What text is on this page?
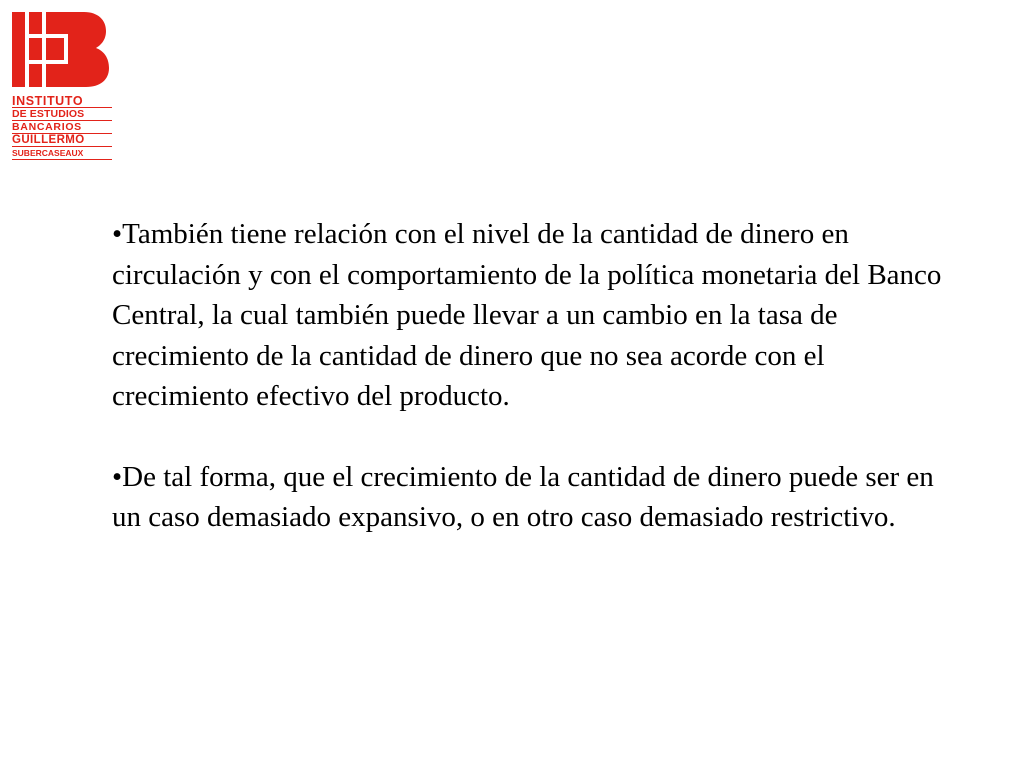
INSTITUTO
DE ESTUDIOS
BANCARIOS
GUILLERMO
SUBERCASEAUX

•También tiene relación con el nivel de la cantidad de dinero en circulación y con el comportamiento de la política monetaria del Banco Central, la cual también puede llevar a un cambio en la tasa de crecimiento de la cantidad de dinero que no sea acorde con el crecimiento efectivo del producto.

•De tal forma, que el crecimiento de la cantidad de dinero puede ser en un caso demasiado expansivo, o en otro caso demasiado restrictivo.
